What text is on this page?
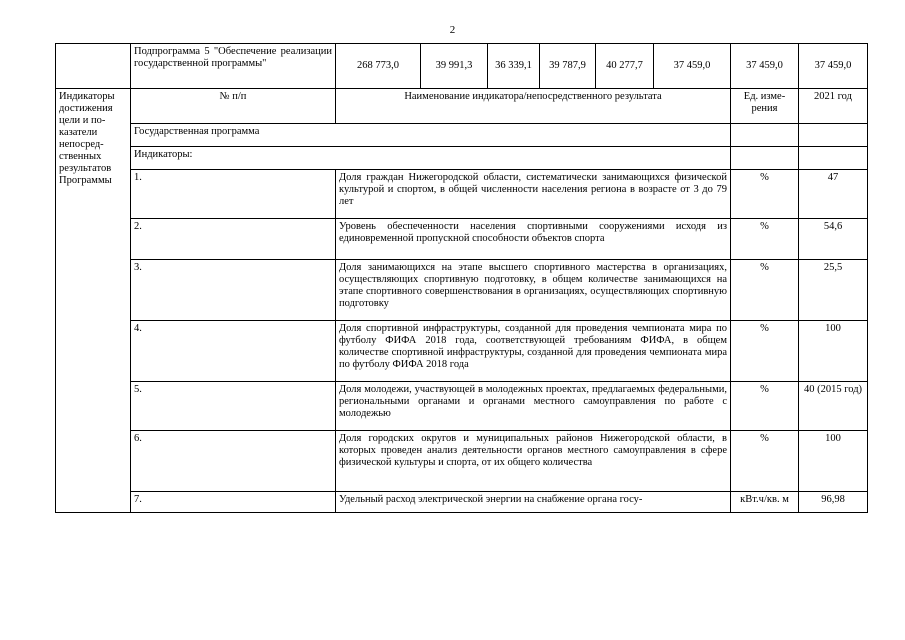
2
	Подпрограмма 5 "Обеспечение реализации государственной программы"	268 773,0	39 991,3	36 339,1	39 787,9	40 277,7	37 459,0	37 459,0	37 459,0
Индикаторы достижения цели и по-казатели непосред-ственных результатов Программы	№ п/п	Наименование индикатора/непосредственного результата						Ед. изме-рения	2021 год
	Государственная программа								
	Индикаторы:								
	1.	Доля граждан Нижегородской области, систематически занимающихся физической культурой и спортом, в общей численности населения региона в возрасте от 3 до 79 лет						%	47
	2.	Уровень обеспеченности населения спортивными сооружениями исходя из единовременной пропускной способности объектов спорта						%	54,6
	3.	Доля занимающихся на этапе высшего спортивного мастерства в организациях, осуществляющих спортивную подготовку, в общем количестве занимающихся на этапе спортивного совершенствования в организациях, осуществляющих спортивную подготовку						%	25,5
	4.	Доля спортивной инфраструктуры, созданной для проведения чемпионата мира по футболу ФИФА 2018 года, соответствующей требованиям ФИФА, в общем количестве спортивной инфраструктуры, созданной для проведения чемпионата мира по футболу ФИФА 2018 года						%	100
	5.	Доля молодежи, участвующей в молодежных проектах, предлагаемых федеральными, региональными органами и органами местного самоуправления по работе с молодежью						%	40 (2015 год)
	6.	Доля городских округов и муниципальных районов Нижегородской области, в которых проведен анализ деятельности органов местного самоуправления в сфере физической культуры и спорта, от их общего количества						%	100
	7.	Удельный расход электрической энергии на снабжение органа госу-						кВт.ч/кв. м	96,98
